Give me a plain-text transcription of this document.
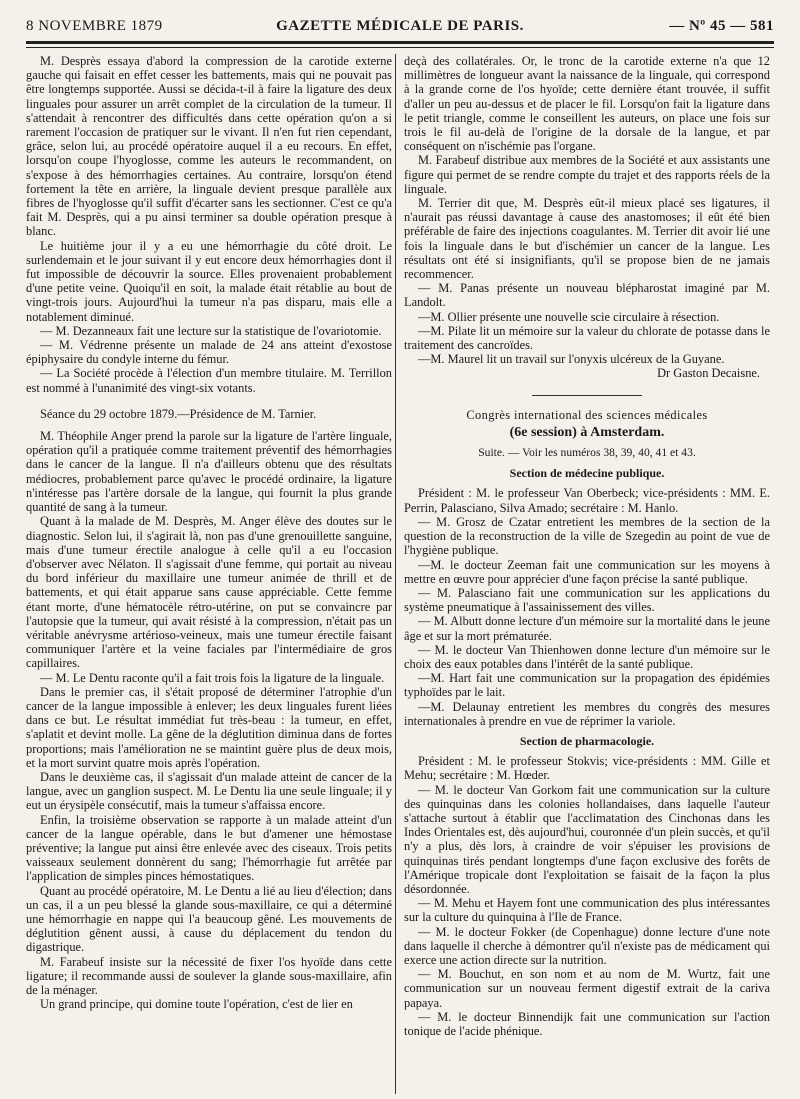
8 NOVEMBRE 1879	GAZETTE MÉDICALE DE PARIS.	— Nº 45 — 581

M. Desprès essaya d'abord la compression de la carotide externe gauche qui faisait en effet cesser les battements, mais qui ne pouvait pas être longtemps supportée. Aussi se décida-t-il à faire la ligature des deux linguales pour assurer un arrêt complet de la circulation de la tumeur. Il s'attendait à rencontrer des difficultés dans cette opération qu'on a si rarement l'occasion de pratiquer sur le vivant. Il n'en fut rien cependant, grâce, selon lui, au procédé opératoire auquel il a eu recours. En effet, lorsqu'on coupe l'hyoglosse, comme les auteurs le recommandent, on s'expose à des hémorrhagies certaines. Au contraire, lorsqu'on étend fortement la tête en arrière, la linguale devient presque parallèle aux fibres de l'hyoglosse qu'il suffit d'écarter sans les sectionner. C'est ce qu'a fait M. Desprès, qui a pu ainsi terminer sa double opération presque à blanc.

Le huitième jour il y a eu une hémorrhagie du côté droit. Le surlendemain et le jour suivant il y eut encore deux hémorrhagies dont il fut impossible de découvrir la source. Elles provenaient probablement d'une petite veine. Quoiqu'il en soit, la malade était rétablie au bout de vingt-trois jours. Aujourd'hui la tumeur n'a pas disparu, mais elle a notablement diminué.

— M. Dezanneaux fait une lecture sur la statistique de l'ovariotomie.

— M. Védrenne présente un malade de 24 ans atteint d'exostose épiphysaire du condyle interne du fémur.

— La Société procède à l'élection d'un membre titulaire. M. Terrillon est nommé à l'unanimité des vingt-six votants.

Séance du 29 octobre 1879.—Présidence de M. Tarnier.

M. Théophile Anger prend la parole sur la ligature de l'artère linguale, opération qu'il a pratiquée comme traitement préventif des hémorrhagies dans le cancer de la langue. Il n'a d'ailleurs obtenu que des résultats médiocres, probablement parce qu'avec le procédé ordinaire, la ligature n'intéresse pas l'artère dorsale de la langue, qui fournit la plus grande quantité de sang à la tumeur.

Quant à la malade de M. Desprès, M. Anger élève des doutes sur le diagnostic. Selon lui, il s'agirait là, non pas d'une grenouillette sanguine, mais d'une tumeur érectile analogue à celle qu'il a eu l'occasion d'observer avec Nélaton. Il s'agissait d'une femme, qui portait au niveau du bord inférieur du maxillaire une tumeur animée de thrill et de battements, et qui était apparue sans cause appréciable. Cette femme étant morte, d'une hématocèle rétro-utérine, on put se convaincre par l'autopsie que la tumeur, qui avait résisté à la compression, n'était pas un véritable anévrysme artérioso-veineux, mais une tumeur érectile faisant communiquer l'artère et la veine faciales par l'intermédiaire de gros capillaires.

— M. Le Dentu raconte qu'il a fait trois fois la ligature de la linguale.

Dans le premier cas, il s'était proposé de déterminer l'atrophie d'un cancer de la langue impossible à enlever; les deux linguales furent liées dans ce but. Le résultat immédiat fut très-beau : la tumeur, en effet, s'aplatit et devint molle. La gêne de la déglutition diminua dans de fortes proportions; mais l'amélioration ne se maintint guère plus de deux mois, et la mort survint quatre mois après l'opération.

Dans le deuxième cas, il s'agissait d'un malade atteint de cancer de la langue, avec un ganglion suspect. M. Le Dentu lia une seule linguale; il y eut un érysipèle consécutif, mais la tumeur s'affaissa encore.

Enfin, la troisième observation se rapporte à un malade atteint d'un cancer de la langue opérable, dans le but d'amener une hémostase préventive; la langue put ainsi être enlevée avec des ciseaux. Trois petits vaisseaux seulement donnèrent du sang; l'hémorrhagie fut arrêtée par l'application de simples pinces hémostatiques.

Quant au procédé opératoire, M. Le Dentu a lié au lieu d'élection; dans un cas, il a un peu blessé la glande sous-maxillaire, ce qui a déterminé une hémorrhagie en nappe qui l'a beaucoup gêné. Les mouvements de déglutition gênent aussi, à cause du déplacement du tendon du digastrique.

M. Farabeuf insiste sur la nécessité de fixer l'os hyoïde dans cette ligature; il recommande aussi de soulever la glande sous-maxillaire, afin de la ménager.

Un grand principe, qui domine toute l'opération, c'est de lier en

deçà des collatérales. Or, le tronc de la carotide externe n'a que 12 millimètres de longueur avant la naissance de la linguale, qui correspond à la grande corne de l'os hyoïde; cette dernière étant trouvée, il suffit d'aller un peu au-dessus et de placer le fil. Lorsqu'on fait la ligature dans le petit triangle, comme le conseillent les auteurs, on place une fois sur trois le fil au-delà de l'origine de la dorsale de la langue, et par conséquent on n'ischémie pas l'organe.

M. Farabeuf distribue aux membres de la Société et aux assistants une figure qui permet de se rendre compte du trajet et des rapports réels de la linguale.

M. Terrier dit que, M. Desprès eût-il mieux placé ses ligatures, il n'aurait pas réussi davantage à cause des anastomoses; il eût été bien préférable de faire des injections coagulantes. M. Terrier dit avoir lié une fois la linguale dans le but d'ischémier un cancer de la langue. Les résultats ont été si insignifiants, qu'il se propose bien de ne jamais recommencer.

— M. Panas présente un nouveau blépharostat imaginé par M. Landolt.

—M. Ollier présente une nouvelle scie circulaire à résection.

—M. Pilate lit un mémoire sur la valeur du chlorate de potasse dans le traitement des cancroïdes.

—M. Maurel lit un travail sur l'onyxis ulcéreux de la Guyane.

Dr Gaston Decaisne.

Congrès international des sciences médicales
(6e session) à Amsterdam.
Suite. — Voir les numéros 38, 39, 40, 41 et 43.
Section de médecine publique.

Président : M. le professeur Van Oberbeck; vice-présidents : MM. E. Perrin, Palasciano, Silva Amado; secrétaire : M. Hanlo.

— M. Grosz de Czatar entretient les membres de la section de la question de la reconstruction de la ville de Szegedin au point de vue de l'hygiène publique.

—M. le docteur Zeeman fait une communication sur les moyens à mettre en œuvre pour apprécier d'une façon précise la santé publique.

— M. Palasciano fait une communication sur les applications du système pneumatique à l'assainissement des villes.

— M. Albutt donne lecture d'un mémoire sur la mortalité dans le jeune âge et sur la mort prématurée.

— M. le docteur Van Thienhowen donne lecture d'un mémoire sur le choix des eaux potables dans l'intérêt de la santé publique.

—M. Hart fait une communication sur la propagation des épidémies typhoïdes par le lait.

—M. Delaunay entretient les membres du congrès des mesures internationales à prendre en vue de réprimer la variole.

Section de pharmacologie.

Président : M. le professeur Stokvis; vice-présidents : MM. Gille et Mehu; secrétaire : M. Hœder.

— M. le docteur Van Gorkom fait une communication sur la culture des quinquinas dans les colonies hollandaises, dans laquelle l'auteur s'attache surtout à établir que l'acclimatation des Cinchonas dans les Indes Orientales est, dès aujourd'hui, couronnée d'un plein succès, et qu'il n'y a plus, dès lors, à craindre de voir s'épuiser les provisions de quinquinas tirés pendant longtemps d'une façon exclusive des forêts de l'Amérique tropicale dont l'exploitation se faisait de la façon la plus désordonnée.

— M. Mehu et Hayem font une communication des plus intéressantes sur la culture du quinquina à l'Ile de France.

— M. le docteur Fokker (de Copenhague) donne lecture d'une note dans laquelle il cherche à démontrer qu'il n'existe pas de médicament qui exerce une action directe sur la nutrition.

— M. Bouchut, en son nom et au nom de M. Wurtz, fait une communication sur un nouveau ferment digestif extrait de la cariva papaya.

— M. le docteur Binnendijk fait une communication sur l'action tonique de l'acide phénique.
